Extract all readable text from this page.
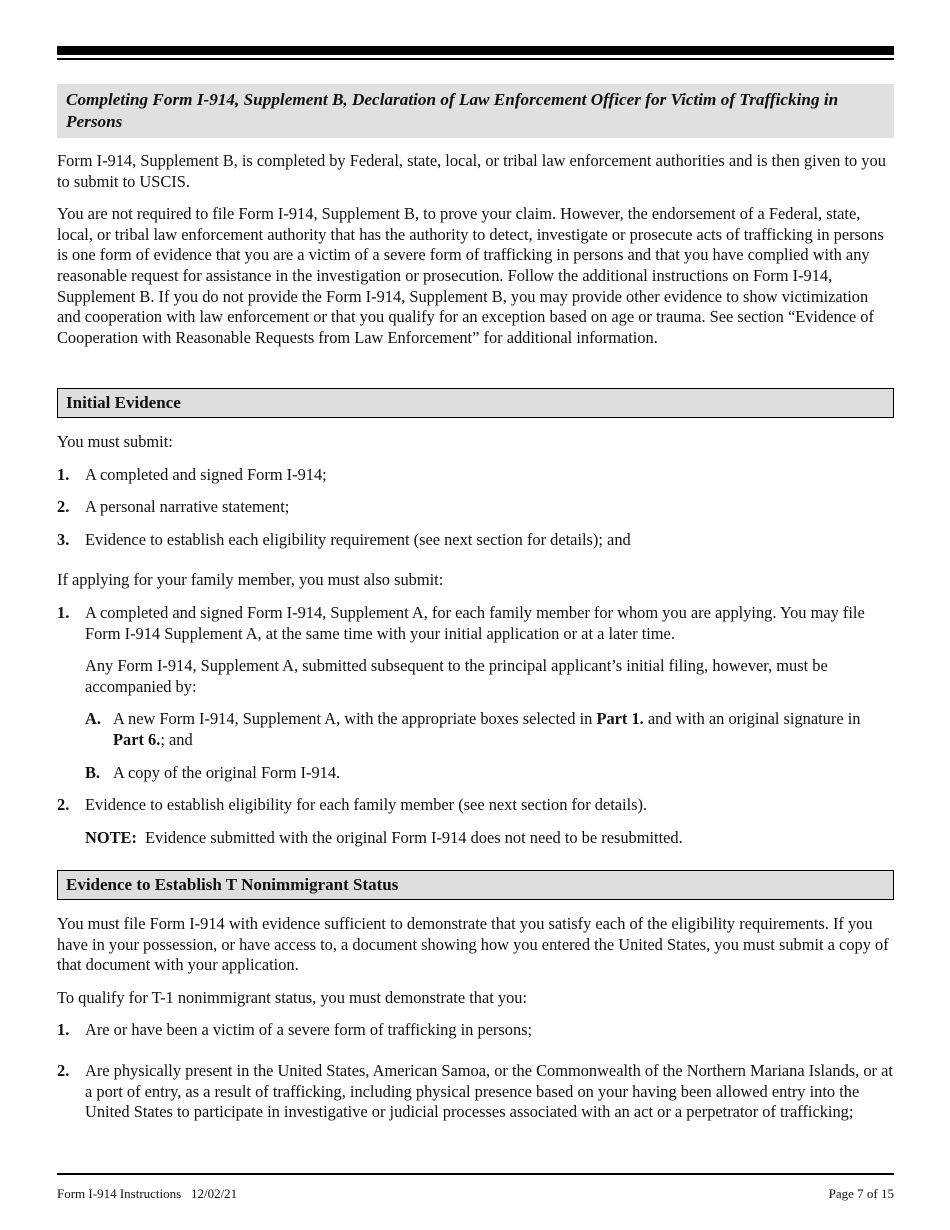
Completing Form I-914, Supplement B, Declaration of Law Enforcement Officer for Victim of Trafficking in Persons

Form I-914, Supplement B, is completed by Federal, state, local, or tribal law enforcement authorities and is then given to you to submit to USCIS.

You are not required to file Form I-914, Supplement B, to prove your claim. However, the endorsement of a Federal, state, local, or tribal law enforcement authority that has the authority to detect, investigate or prosecute acts of trafficking in persons is one form of evidence that you are a victim of a severe form of trafficking in persons and that you have complied with any reasonable request for assistance in the investigation or prosecution. Follow the additional instructions on Form I-914, Supplement B. If you do not provide the Form I-914, Supplement B, you may provide other evidence to show victimization and cooperation with law enforcement or that you qualify for an exception based on age or trauma. See section “Evidence of Cooperation with Reasonable Requests from Law Enforcement” for additional information.

Initial Evidence

You must submit:

1. A completed and signed Form I-914;
2. A personal narrative statement;
3. Evidence to establish each eligibility requirement (see next section for details); and

If applying for your family member, you must also submit:

1. A completed and signed Form I-914, Supplement A, for each family member for whom you are applying. You may file Form I-914 Supplement A, at the same time with your initial application or at a later time.

Any Form I-914, Supplement A, submitted subsequent to the principal applicant’s initial filing, however, must be accompanied by:

A. A new Form I-914, Supplement A, with the appropriate boxes selected in Part 1. and with an original signature in Part 6.; and
B. A copy of the original Form I-914.
2. Evidence to establish eligibility for each family member (see next section for details).

NOTE:  Evidence submitted with the original Form I-914 does not need to be resubmitted.

Evidence to Establish T Nonimmigrant Status

You must file Form I-914 with evidence sufficient to demonstrate that you satisfy each of the eligibility requirements. If you have in your possession, or have access to, a document showing how you entered the United States, you must submit a copy of that document with your application.

To qualify for T-1 nonimmigrant status, you must demonstrate that you:

1. Are or have been a victim of a severe form of trafficking in persons;
2. Are physically present in the United States, American Samoa, or the Commonwealth of the Northern Mariana Islands, or at a port of entry, as a result of trafficking, including physical presence based on your having been allowed entry into the United States to participate in investigative or judicial processes associated with an act or a perpetrator of trafficking;
Form I-914 Instructions   12/02/21	Page 7 of 15
